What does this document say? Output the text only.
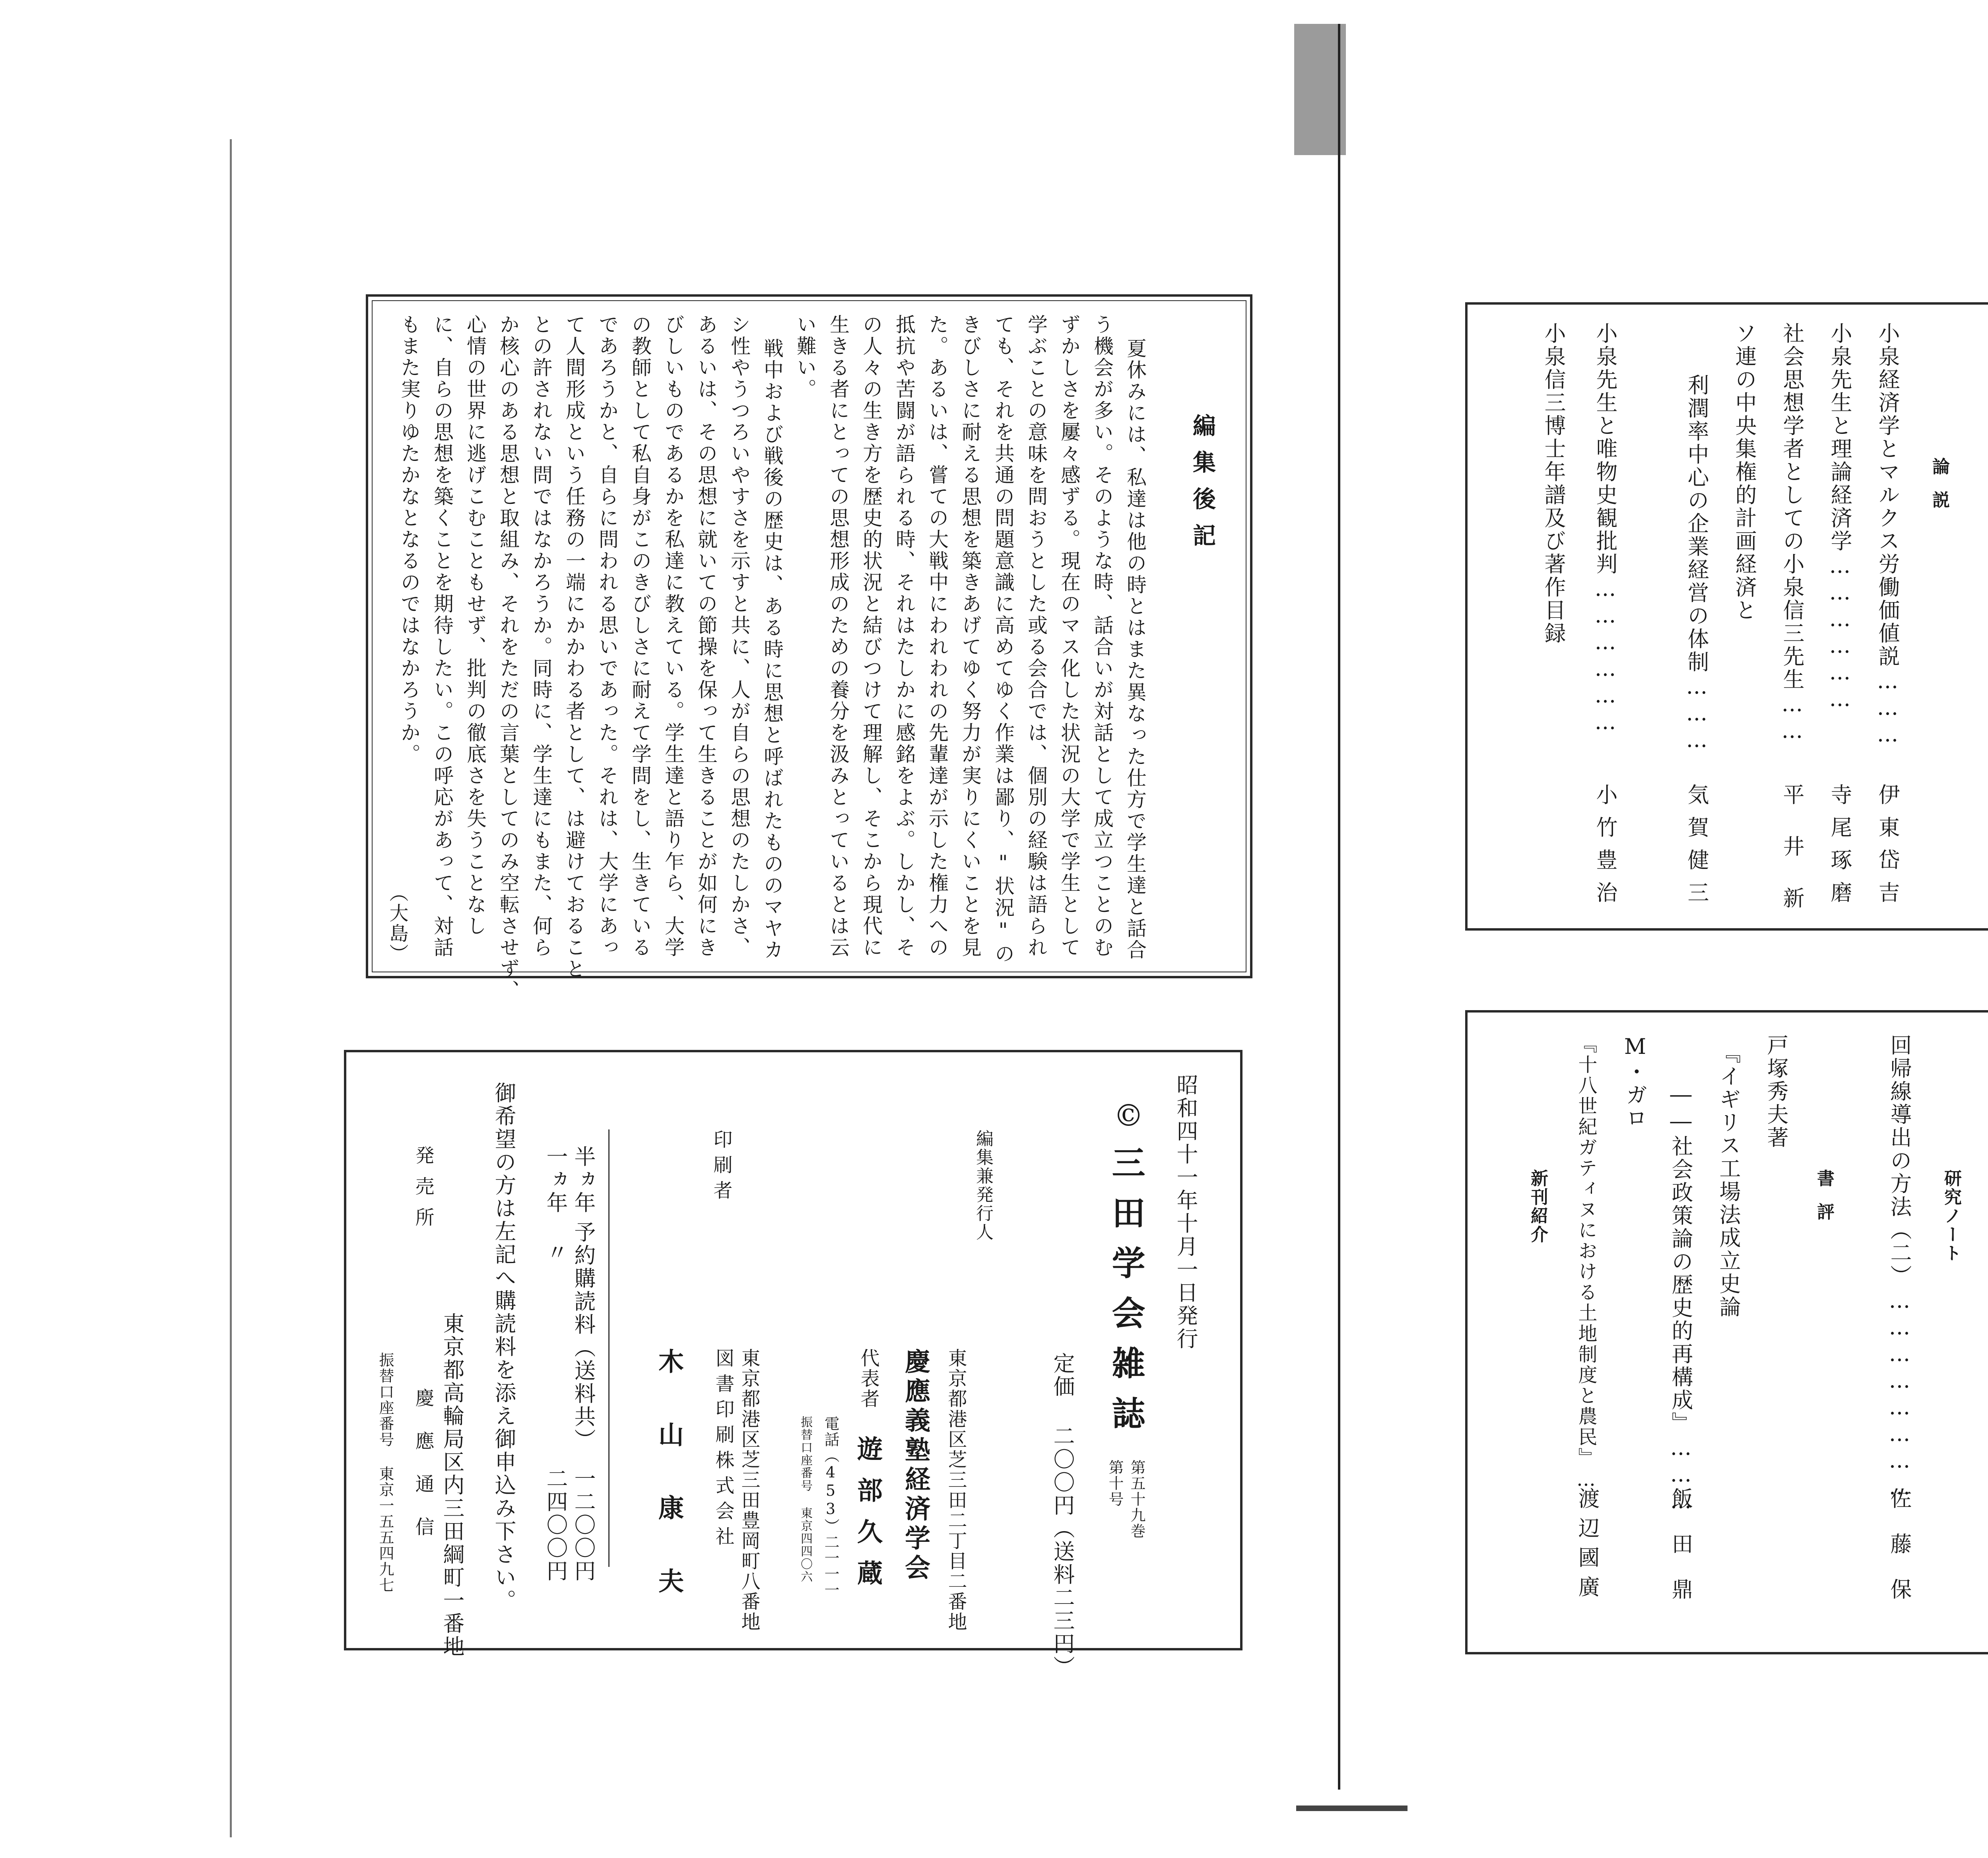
編集後記
夏休みには、私達は他の時とはまた異なった仕方で学生達と話合
う機会が多い。そのような時、話合いが対話として成立つことのむ
ずかしさを屢々感ずる。現在のマス化した状況の大学で学生として
学ぶことの意味を問おうとした或る会合では、個別の経験は語られ
ても、それを共通の問題意識に高めてゆく作業は鄙り、"状況"の
きびしさに耐える思想を築きあげてゆく努力が実りにくいことを見
た。あるいは、嘗ての大戦中にわれわれの先輩達が示した権力への
抵抗や苦闘が語られる時、それはたしかに感銘をよぶ。しかし、そ
の人々の生き方を歴史的状況と結びつけて理解し、そこから現代に
生きる者にとっての思想形成のための養分を汲みとっているとは云
い難い。
戦中および戦後の歴史は、ある時に思想と呼ばれたもののマヤカ
シ性やうつろいやすさを示すと共に、人が自らの思想のたしかさ、
あるいは、その思想に就いての節操を保って生きることが如何にき
びしいものであるかを私達に教えている。学生達と語り乍ら、大学
の教師として私自身がこのきびしさに耐えて学問をし、生きている
であろうかと、自らに問われる思いであった。それは、大学にあっ
て人間形成という任務の一端にかかわる者として、は避けておること
との許されない問ではなかろうか。同時に、学生達にもまた、何ら
か核心のある思想と取組み、それをただの言葉としてのみ空転させず、
心情の世界に逃げこむこともせず、批判の徹底さを失うことなし
に、自らの思想を築くことを期待したい。この呼応があって、対話
もまた実りゆたかなとなるのではなかろうか。
（大島）
昭和四十一年十月一日発行
©
三田学会雑誌
第五十九巻
第十号
定価 二〇〇円（送料二三円）
編集兼発行人
東京都港区芝三田二丁目二番地
慶應義塾経済学会
代表者
遊部久蔵
電話（453）二一一一
振替口座番号 東京四四〇六
印刷者
東京都港区芝三田豊岡町八番地
図書印刷株式会社
木山康夫
半ヵ年
予約購読料（送料共）
一二〇〇円
一ヵ年 〃
二四〇〇円
御希望の方は左記へ購読料を添え御申込み下さい。
発売所
東京都高輪局区内三田綱町一番地
慶應通信
振替口座番号 東京一五五四九七
論説
小泉経済学とマルクス労働価値説………
伊東岱吉
小泉先生と理論経済学………………
寺尾琢磨
社会思想学者としての小泉信三先生……
平井新
ソ連の中央集権的計画経済と
利潤率中心の企業経営の体制………
気賀健三
小泉先生と唯物史観批判………………
小竹豊治
小泉信三博士年譜及び著作目録
研究ノート
回帰線導出の方法（二）……………………
佐藤保
書評
戸塚秀夫著
『イギリス工場法成立史論
――社会政策論の歴史的再構成』………
飯田鼎
M・ガロ
『十八世紀ガティヌにおける土地制度と農民』…
渡辺國廣
新刊紹介
